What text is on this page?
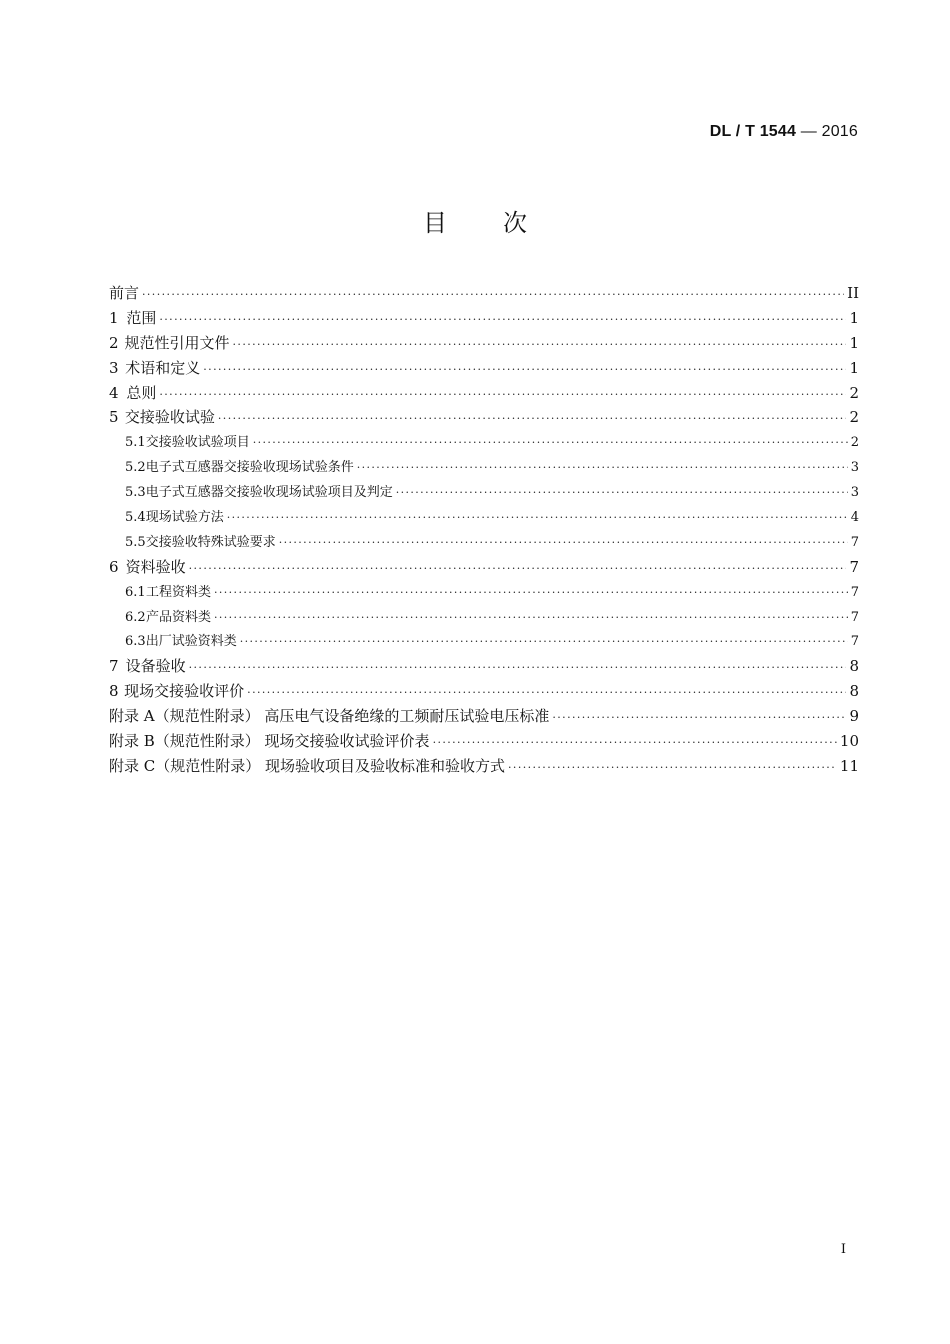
DL / T 1544 — 2016
目次
前言 ·····	II
1 范围 ·····	1
2 规范性引用文件 ·····	1
3 术语和定义 ·····	1
4 总则 ·····	2
5 交接验收试验 ·····	2
5.1 交接验收试验项目 ·····	2
5.2 电子式互感器交接验收现场试验条件 ·····	3
5.3 电子式互感器交接验收现场试验项目及判定 ·····	3
5.4 现场试验方法 ·····	4
5.5 交接验收特殊试验要求 ·····	7
6 资料验收 ·····	7
6.1 工程资料类 ·····	7
6.2 产品资料类 ·····	7
6.3 出厂试验资料类 ·····	7
7 设备验收 ·····	8
8 现场交接验收评价 ·····	8
附录 A（规范性附录） 高压电气设备绝缘的工频耐压试验电压标准 ·····	9
附录 B（规范性附录） 现场交接验收试验评价表 ·····	10
附录 C（规范性附录） 现场验收项目及验收标准和验收方式 ·····	11
I
